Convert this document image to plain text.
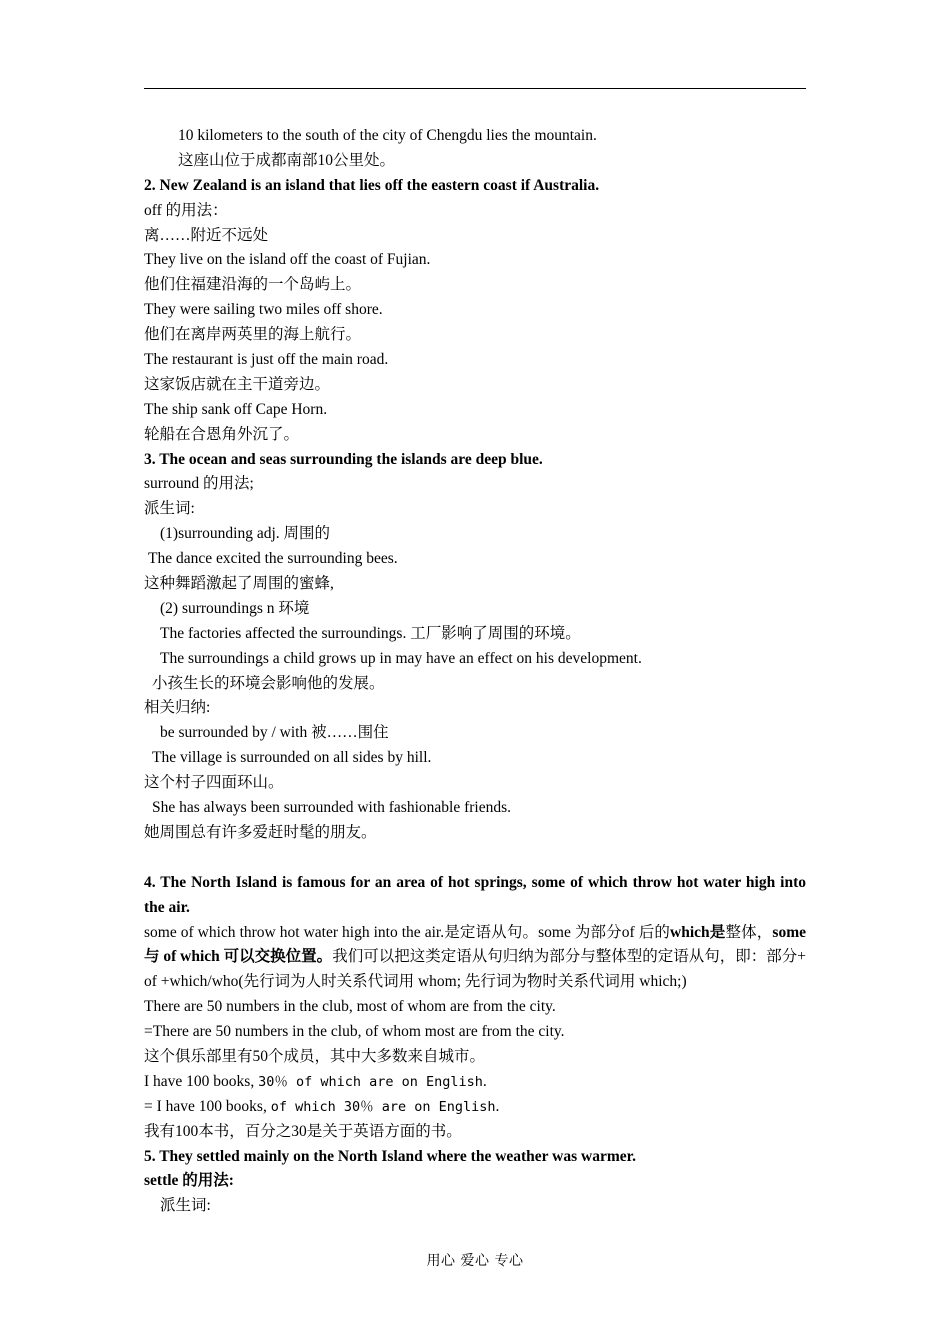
10 kilometers to the south of the city of Chengdu lies the mountain.
这座山位于成都南部10公里处。
2. New Zealand is an island that lies off the eastern coast if Australia.
off 的用法：
离……附近不远处
They live on the island off the coast of Fujian.
他们住福建沿海的一个岛屿上。
They were sailing two miles off shore.
他们在离岸两英里的海上航行。
The restaurant is just off the main road.
这家饭店就在主干道旁边。
The ship sank off Cape Horn.
轮船在合恩角外沉了。
3. The ocean and seas surrounding the islands are deep blue.
surround 的用法;
派生词:
(1)surrounding adj. 周围的
The dance excited the surrounding bees.
这种舞蹈激起了周围的蜜蜂,
(2) surroundings n 环境
The factories affected the surroundings. 工厂影响了周围的环境。
The surroundings a child grows up in may have an effect on his development.
小孩生长的环境会影响他的发展。
相关归纳:
be surrounded by / with 被……围住
The village is surrounded on all sides by hill.
这个村子四面环山。
She has always been surrounded with fashionable friends.
她周围总有许多爱赶时髦的朋友。
4. The North Island is famous for an area of hot springs, some of which throw hot water high into the air.
some of which throw hot water high into the air.是定语从句。some 为部分of 后的which是整体，some 与 of which 可以交换位置。我们可以把这类定语从句归纳为部分与整体型的定语从句，即：部分+ of +which/who(先行词为人时关系代词用 whom; 先行词为物时关系代词用 which;)
There are 50 numbers in the club, most of whom are from the city.
=There are 50 numbers in the club, of whom most are from the city.
这个俱乐部里有50个成员，其中大多数来自城市。
I have 100 books, 30％ of which are on English.
= I have 100 books, of which 30％ are on English.
我有100本书，百分之30是关于英语方面的书。
5. They settled mainly on the North Island where the weather was warmer.
settle 的用法:
派生词:
用心 爱心 专心
